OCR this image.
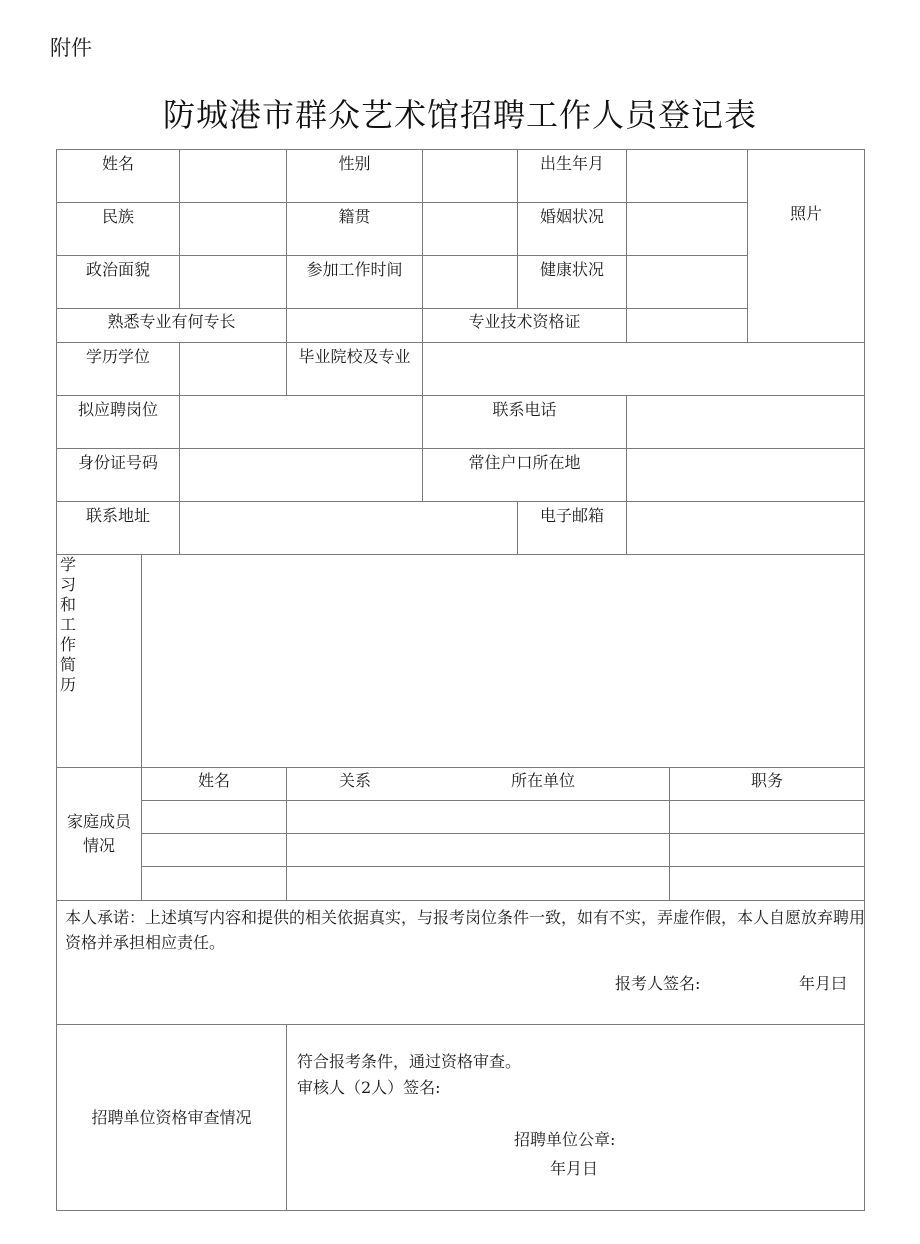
附件
防城港市群众艺术馆招聘工作人员登记表
姓名	性别	出生年月
照片
民族	籍贯	婚姻状况
政治面貌	参加工作时间	健康状况
熟悉专业有何专长	专业技术资格证
学历学位	毕业院校及专业
拟应聘岗位	联系电话
身份证号码	常住户口所在地
联系地址	电子邮箱
学习和工作简历
家庭成员
情况
姓名	关系	所在单位	职务
本人承诺：上述填写内容和提供的相关依据真实，与报考岗位条件一致，如有不实，弄虚作假，本人自愿放弃聘用资格并承担相应责任。
报考人签名:	年月曰
招聘单位资格审查情况
符合报考条件，通过资格审查。
审核人（2人）签名:
招聘单位公章:
年月日
